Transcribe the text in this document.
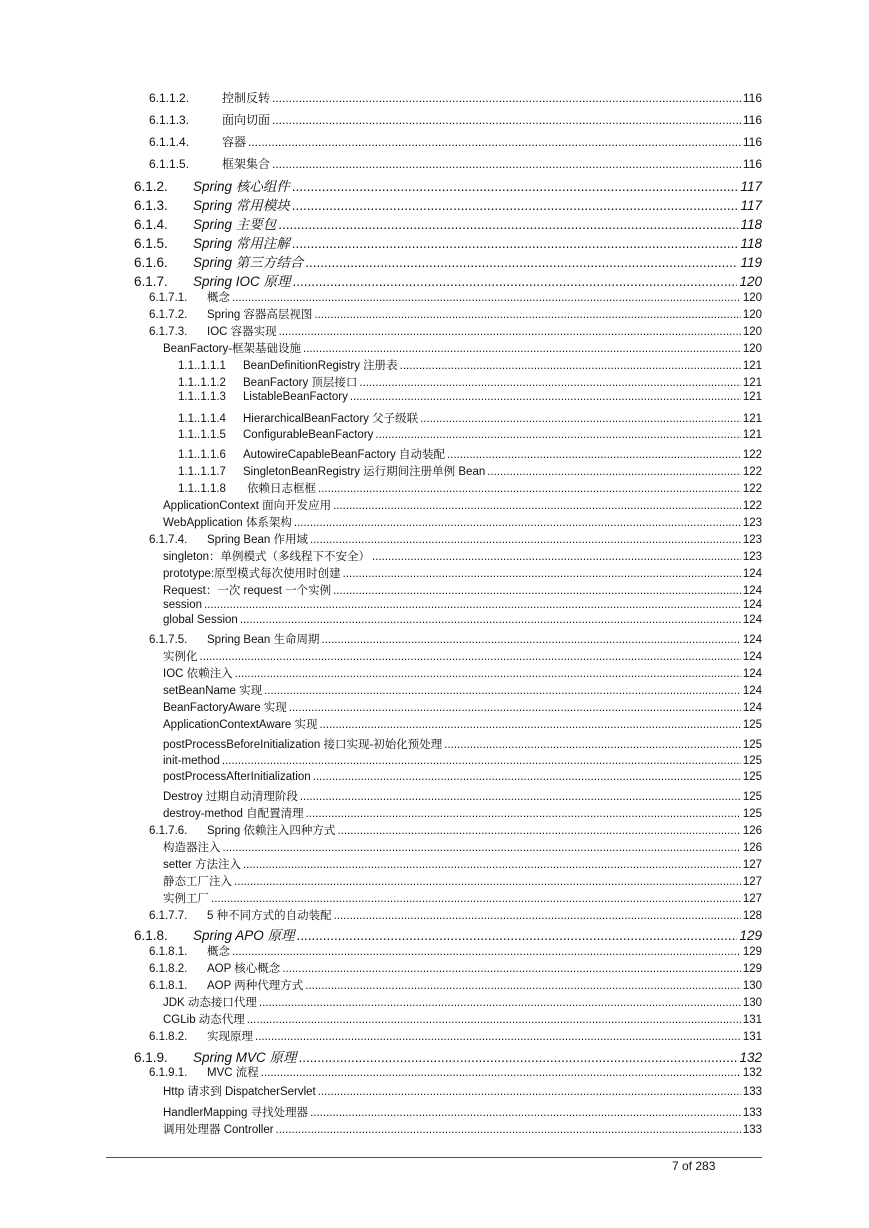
6.1.1.2.	控制反转 .....	116
6.1.1.3.	面向切面 .....	116
6.1.1.4.	容器 .....	116
6.1.1.5.	框架集合 .....	116
6.1.2.	Spring 核心组件 .....	117
6.1.3.	Spring 常用模块 .....	117
6.1.4.	Spring 主要包 .....	118
6.1.5.	Spring 常用注解 .....	118
6.1.6.	Spring 第三方结合 .....	119
6.1.7.	Spring IOC 原理 .....	120
6.1.7.1.	概念 .....	120
6.1.7.2.	Spring 容器高层视图 .....	120
6.1.7.3.	IOC 容器实现 .....	120
BeanFactory-框架基础设施 .....	120
1.1..1.1.1	BeanDefinitionRegistry 注册表 .....	121
1.1..1.1.2	BeanFactory 顶层接口 .....	121
1.1..1.1.3	ListableBeanFactory .....	121
1.1..1.1.4	HierarchicalBeanFactory 父子级联 .....	121
1.1..1.1.5	ConfigurableBeanFactory .....	121
1.1..1.1.6	AutowireCapableBeanFactory 自动装配 .....	122
1.1..1.1.7	SingletonBeanRegistry 运行期间注册单例 Bean .....	122
1.1..1.1.8	依赖日志框框 .....	122
ApplicationContext 面向开发应用 .....	122
WebApplication 体系架构 .....	123
6.1.7.4.	Spring Bean 作用域 .....	123
singleton：单例模式（多线程下不安全） .....	123
prototype:原型模式每次使用时创建 .....	124
Request：一次 request 一个实例 .....	124
session .....	124
global Session .....	124
6.1.7.5.	Spring Bean 生命周期 .....	124
实例化 .....	124
IOC 依赖注入 .....	124
setBeanName 实现 .....	124
BeanFactoryAware 实现 .....	124
ApplicationContextAware 实现 .....	125
postProcessBeforeInitialization 接口实现-初始化预处理 .....	125
init-method .....	125
postProcessAfterInitialization .....	125
Destroy 过期自动清理阶段 .....	125
destroy-method 自配置清理 .....	125
6.1.7.6.	Spring 依赖注入四种方式 .....	126
构造器注入 .....	126
setter 方法注入 .....	127
静态工厂注入 .....	127
实例工厂 .....	127
6.1.7.7.	5 种不同方式的自动装配 .....	128
6.1.8.	Spring APO 原理 .....	129
6.1.8.1.	概念 .....	129
6.1.8.2.	AOP 核心概念 .....	129
6.1.8.1.	AOP 两种代理方式 .....	130
JDK 动态接口代理 .....	130
CGLib 动态代理 .....	131
6.1.8.2.	实现原理 .....	131
6.1.9.	Spring MVC 原理 .....	132
6.1.9.1.	MVC 流程 .....	132
Http 请求到 DispatcherServlet .....	133
HandlerMapping 寻找处理器 .....	133
调用处理器 Controller .....	133
7 of 283
